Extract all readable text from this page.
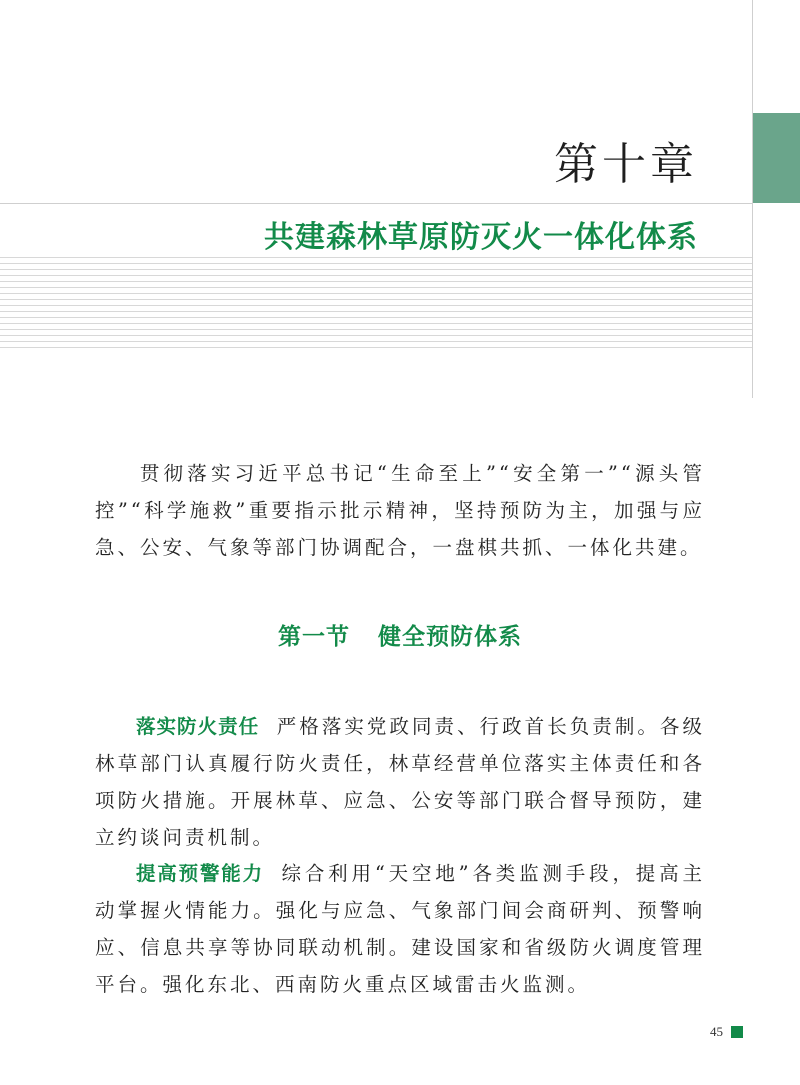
第十章
共建森林草原防灭火一体化体系

贯彻落实习近平总书记“生命至上”“安全第一”“源头管控”“科学施救”重要指示批示精神，坚持预防为主，加强与应急、公安、气象等部门协调配合，一盘棋共抓、一体化共建。

第一节 健全预防体系

落实防火责任 严格落实党政同责、行政首长负责制。各级林草部门认真履行防火责任，林草经营单位落实主体责任和各项防火措施。开展林草、应急、公安等部门联合督导预防，建立约谈问责机制。

提高预警能力 综合利用“天空地”各类监测手段，提高主动掌握火情能力。强化与应急、气象部门间会商研判、预警响应、信息共享等协同联动机制。建设国家和省级防火调度管理平台。强化东北、西南防火重点区域雷击火监测。

45
